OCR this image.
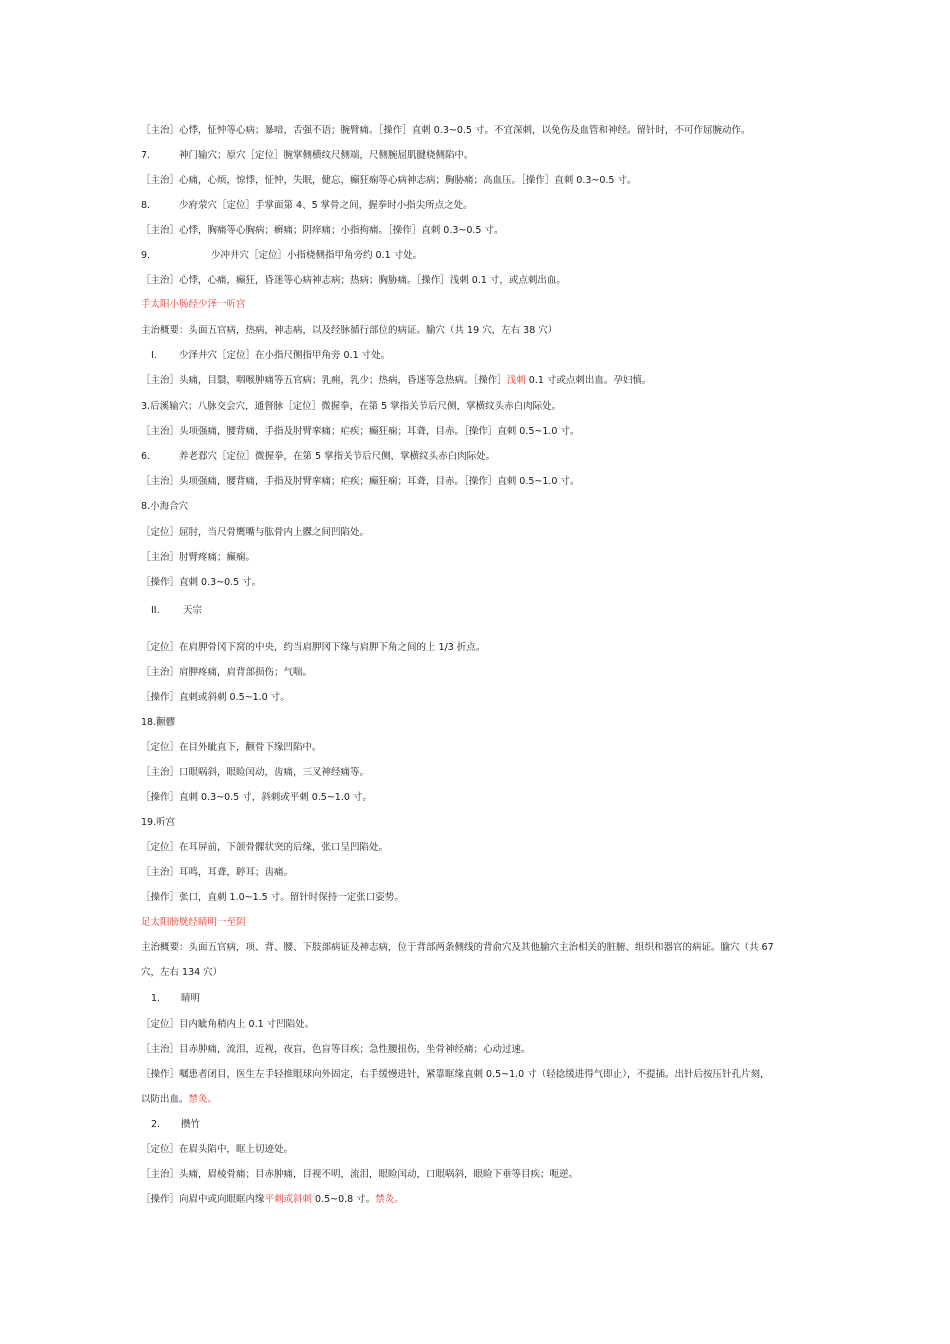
［主治］心悸，怔忡等心病；暴喑，舌强不语；腕臂痛。［操作］直刺 0.3~0.5 寸。不宜深刺，以免伤及血管和神经。留针时，不可作屈腕动作。
7.	神门输穴；原穴［定位］腕掌侧横纹尺侧端，尺侧腕屈肌腱桡侧陷中。
［主治］心痛，心烦，惊悸，怔忡，失眠，健忘，癫狂痫等心病神志病；胸胁痛；高血压。［操作］直刺 0.3~0.5 寸。
8.	少府荥穴［定位］手掌面第 4、5 掌骨之间，握拳时小指尖所点之处。
［主治］心悸，胸痛等心胸病；癣痛；阴痒痛；小指拘痛。［操作］直刺 0.3~0.5 寸。
9.	少冲井穴［定位］小指桡侧指甲角旁约 0.1 寸处。
［主治］心悸，心痛，癫狂，昏迷等心病神志病；热病；胸胁痛。［操作］浅刺 0.1 寸，或点刺出血。
手太阳小肠经少泽一听宫
主治概要：头面五官病，热病，神志病，以及经脉循行部位的病证。腧穴（共 19 穴，左右 38 穴）
I. 少泽井穴［定位］在小指尺侧指甲角旁 0.1 寸处。
［主治］头痛，目翳，咽喉肿痛等五官病；乳痈，乳少；热病，昏迷等急热病。［操作］浅刺 0.1 寸或点刺出血。孕妇慎。
3.后溪输穴；八脉交会穴，通督脉［定位］微握拳，在第 5 掌指关节后尺侧，掌横纹头赤白肉际处。
［主治］头项强痛，腰背痛，手指及肘臂挛痛；疟疾；癫狂痫；耳聋，目赤。［操作］直刺 0.5~1.0 寸。
6.	养老郄穴［定位］微握拳，在第 5 掌指关节后尺侧，掌横纹头赤白肉际处。
［主治］头项强痛，腰背痛，手指及肘臂挛痛；疟疾；癫狂痫；耳聋，目赤。［操作］直刺 0.5~1.0 寸。
8.小海合穴
［定位］屈肘，当尺骨鹰嘴与肱骨内上髁之间凹陷处。
［主治］肘臂疼痛；癫痫。
［操作］直刺 0.3~0.5 寸。
II. 天宗
［定位］在肩胛骨冈下窝的中央，约当肩胛冈下缘与肩胛下角之间的上 1/3 折点。
［主治］肩胛疼痛，肩背部损伤；气喘。
［操作］直刺或斜刺 0.5~1.0 寸。
18.颧髎
［定位］在目外眦直下，颧骨下缘凹陷中。
［主治］口眼㖞斜，眼睑闰动，齿痛，三叉神经痛等。
［操作］直刺 0.3~0.5 寸，斜刺或平刺 0.5~1.0 寸。
19.听宫
［定位］在耳屏前，下颌骨髁状突的后缘，张口呈凹陷处。
［主治］耳鸣，耳聋，聤耳；齿痛。
［操作］张口，直刺 1.0~1.5 寸。留针时保持一定张口姿势。
足太阳膀胱经睛明一至阴
主治概要：头面五官病，项、背、腰、下肢部病证及神志病，位于背部两条侧线的背俞穴及其他腧穴主治相关的脏腑、组织和器官的病证。腧穴（共 67
穴，左右 134 穴）
1. 睛明
［定位］目内眦角稍内上 0.1 寸凹陷处。
［主治］目赤肿痛，流泪，近视，夜盲，色盲等目疾；急性腰扭伤，坐骨神经痛；心动过速。
［操作］嘱患者闭目，医生左手轻推眼球向外固定，右手缓慢进针，紧靠眶缘直刺 0.5~1.0 寸（轻捻缓进得气即止），不提插。出针后按压针孔片刻，
以防出血。禁灸。
2. 攒竹
［定位］在眉头陷中，眶上切迹处。
［主治］头痛，眉棱骨痛；目赤肿痛，目视不明，流泪，眼睑闰动，口眼㖞斜，眼睑下垂等目疾；呃逆。
［操作］向眉中或向眼眶内缘平刺或斜刺 0.5~0.8 寸。禁灸。
